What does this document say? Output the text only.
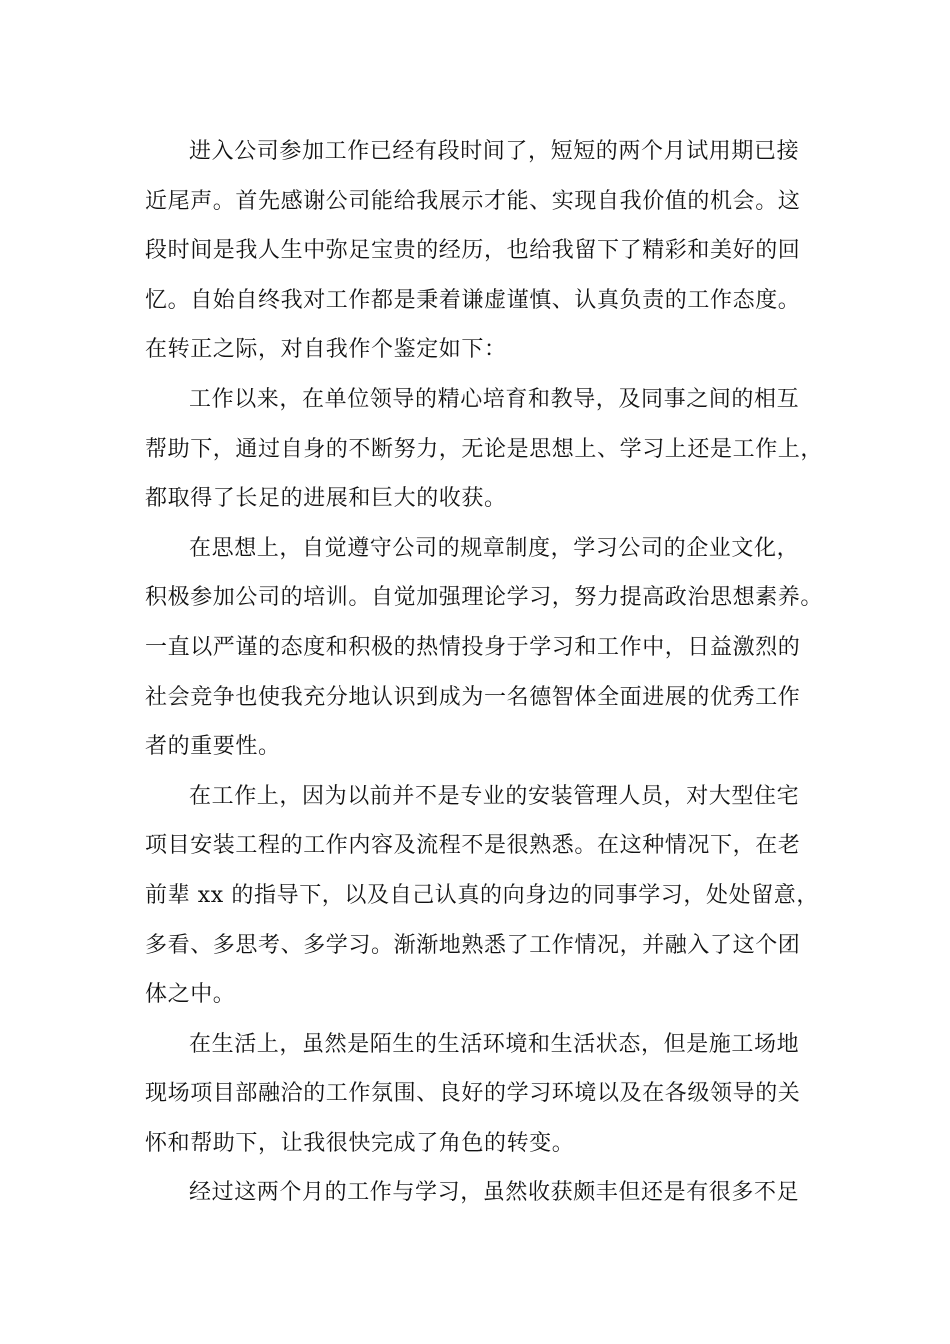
进入公司参加工作已经有段时间了，短短的两个月试用期已接
近尾声。首先感谢公司能给我展示才能、实现自我价值的机会。这
段时间是我人生中弥足宝贵的经历，也给我留下了精彩和美好的回
忆。自始自终我对工作都是秉着谦虚谨慎、认真负责的工作态度。
在转正之际，对自我作个鉴定如下：
工作以来，在单位领导的精心培育和教导，及同事之间的相互
帮助下，通过自身的不断努力，无论是思想上、学习上还是工作上，
都取得了长足的进展和巨大的收获。
在思想上，自觉遵守公司的规章制度，学习公司的企业文化，
积极参加公司的培训。自觉加强理论学习，努力提高政治思想素养。
一直以严谨的态度和积极的热情投身于学习和工作中，日益激烈的
社会竞争也使我充分地认识到成为一名德智体全面进展的优秀工作
者的重要性。
在工作上，因为以前并不是专业的安装管理人员，对大型住宅
项目安装工程的工作内容及流程不是很熟悉。在这种情况下，在老
前辈 xx 的指导下，以及自己认真的向身边的同事学习，处处留意，
多看、多思考、多学习。渐渐地熟悉了工作情况，并融入了这个团
体之中。
在生活上，虽然是陌生的生活环境和生活状态，但是施工场地
现场项目部融洽的工作氛围、良好的学习环境以及在各级领导的关
怀和帮助下，让我很快完成了角色的转变。
经过这两个月的工作与学习，虽然收获颇丰但还是有很多不足
